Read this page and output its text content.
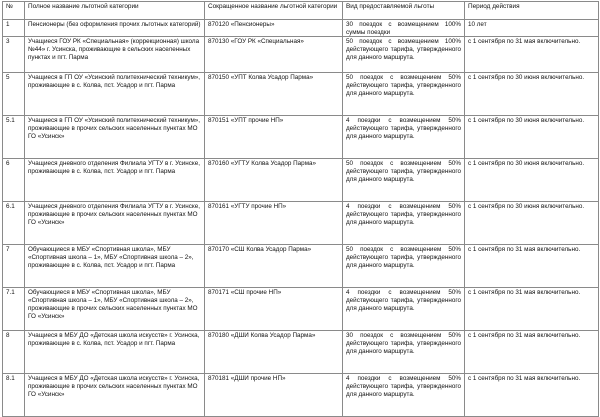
№	Полное название льготной категории	Сокращенное название льготной категории	Вид предоставляемой льготы	Период действия
1	Пенсионеры (без оформления прочих льготных категорий)	870120 «Пенсионеры»	30 поездок с возмещением 100% суммы поездки	10 лет
3	Учащиеся ГОУ РК «Специальная» (коррекционная) школа №44» г. Усинска, проживающие в сельских населенных пунктах и пгт. Парма	870130 «ГОУ РК «Специальная»	50 поездок с возмещением 100% действующего тарифа, утвержденного для данного маршрута.	с 1 сентября по 31 мая включительно.
5	Учащиеся в ГП ОУ «Усинский политехнический техникум», проживающие в с. Колва, пст. Усадор и пгт. Парма	870150 «УПТ Колва Усадор Парма»	50 поездок с возмещением 50% действующего тарифа, утвержденного для данного маршрута.	с 1 сентября по 30 июня включительно.
5.1	Учащиеся в ГП ОУ «Усинский политехнический техникум», проживающие в прочих сельских населенных пунктах МО ГО «Усинск»	870151 «УПТ прочие НП»	4 поездки с возмещением 50% действующего тарифа, утвержденного для данного маршрута.	с 1 сентября по 30 июня включительно.
6	Учащиеся дневного отделения Филиала УГТУ в г. Усинске, проживающие в с. Колва, пст. Усадор и пгт. Парма	870160 «УГТУ Колва Усадор Парма»	50 поездок с возмещением 50% действующего тарифа, утвержденного для данного маршрута.	с 1 сентября по 30 июня включительно.
6.1	Учащиеся дневного отделения Филиала УГТУ в г. Усинске, проживающие в прочих сельских населенных пунктах МО ГО «Усинск»	870161 «УГТУ прочие НП»	4 поездки с возмещением 50% действующего тарифа, утвержденного для данного маршрута.	с 1 сентября по 30 июня включительно.
7	Обучающиеся в МБУ «Спортивная школа», МБУ «Спортивная школа – 1», МБУ «Спортивная школа – 2», проживающие в с. Колва, пст. Усадор и пгт. Парма	870170 «СШ Колва Усадор Парма»	50 поездок с возмещением 50% действующего тарифа, утвержденного для данного маршрута.	с 1 сентября по 31 мая включительно.
7.1	Обучающиеся в МБУ «Спортивная школа», МБУ «Спортивная школа – 1», МБУ «Спортивная школа – 2», проживающие в прочих сельских населенных пунктах МО ГО «Усинск»	870171 «СШ прочие НП»	4 поездки с возмещением 50% действующего тарифа, утвержденного для данного маршрута.	с 1 сентября по 31 мая включительно.
8	Учащиеся в МБУ ДО «Детская школа искусств» г. Усинска, проживающие в с. Колва, пст. Усадор и пгт. Парма	870180 «ДШИ Колва Усадор Парма»	30 поездок с возмещением 50% действующего тарифа, утвержденного для данного маршрута.	с 1 сентября по 31 мая включительно.
8.1	Учащиеся в МБУ ДО «Детская школа искусств» г. Усинска, проживающие в прочих сельских населенных пунктах МО ГО «Усинск»	870181 «ДШИ прочие НП»	4 поездки с возмещением 50% действующего тарифа, утвержденного для данного маршрута.	с 1 сентября по 31 мая включительно.
